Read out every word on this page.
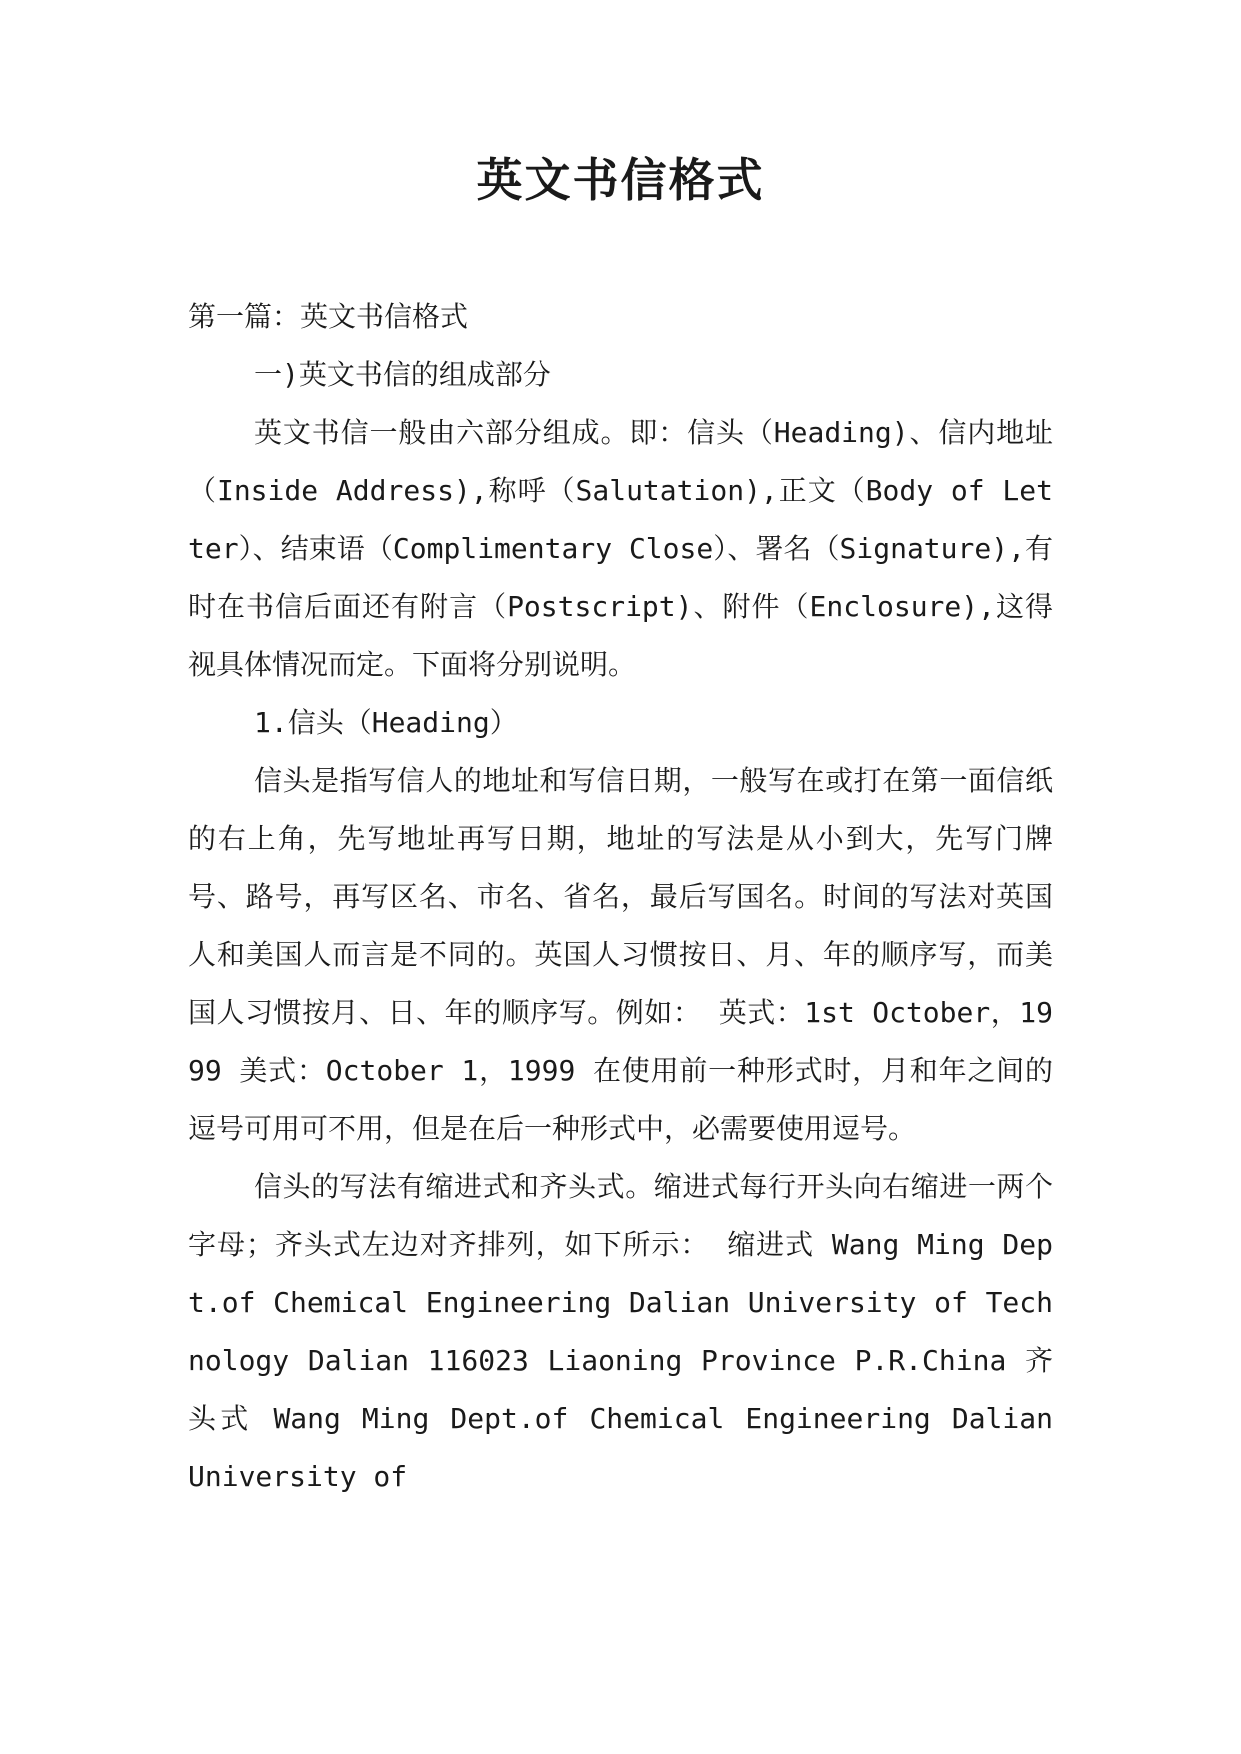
英文书信格式

第一篇：英文书信格式

一)英文书信的组成部分

英文书信一般由六部分组成。即：信头（Heading)、信内地址（Inside Address),称呼（Salutation),正文（Body of Letter）、结束语（Complimentary Close）、署名（Signature),有时在书信后面还有附言（Postscript)、附件（Enclosure),这得视具体情况而定。下面将分别说明。

1.信头（Heading）

信头是指写信人的地址和写信日期，一般写在或打在第一面信纸的右上角，先写地址再写日期，地址的写法是从小到大，先写门牌号、路号，再写区名、市名、省名，最后写国名。时间的写法对英国人和美国人而言是不同的。英国人习惯按日、月、年的顺序写，而美国人习惯按月、日、年的顺序写。例如： 英式：1st October，1999 美式：October 1，1999 在使用前一种形式时，月和年之间的逗号可用可不用，但是在后一种形式中，必需要使用逗号。

信头的写法有缩进式和齐头式。缩进式每行开头向右缩进一两个字母；齐头式左边对齐排列，如下所示： 缩进式 Wang Ming Dept.of Chemical Engineering Dalian University of Technology Dalian 116023 Liaoning Province P.R.China 齐头式 Wang Ming Dept.of Chemical Engineering Dalian University of
